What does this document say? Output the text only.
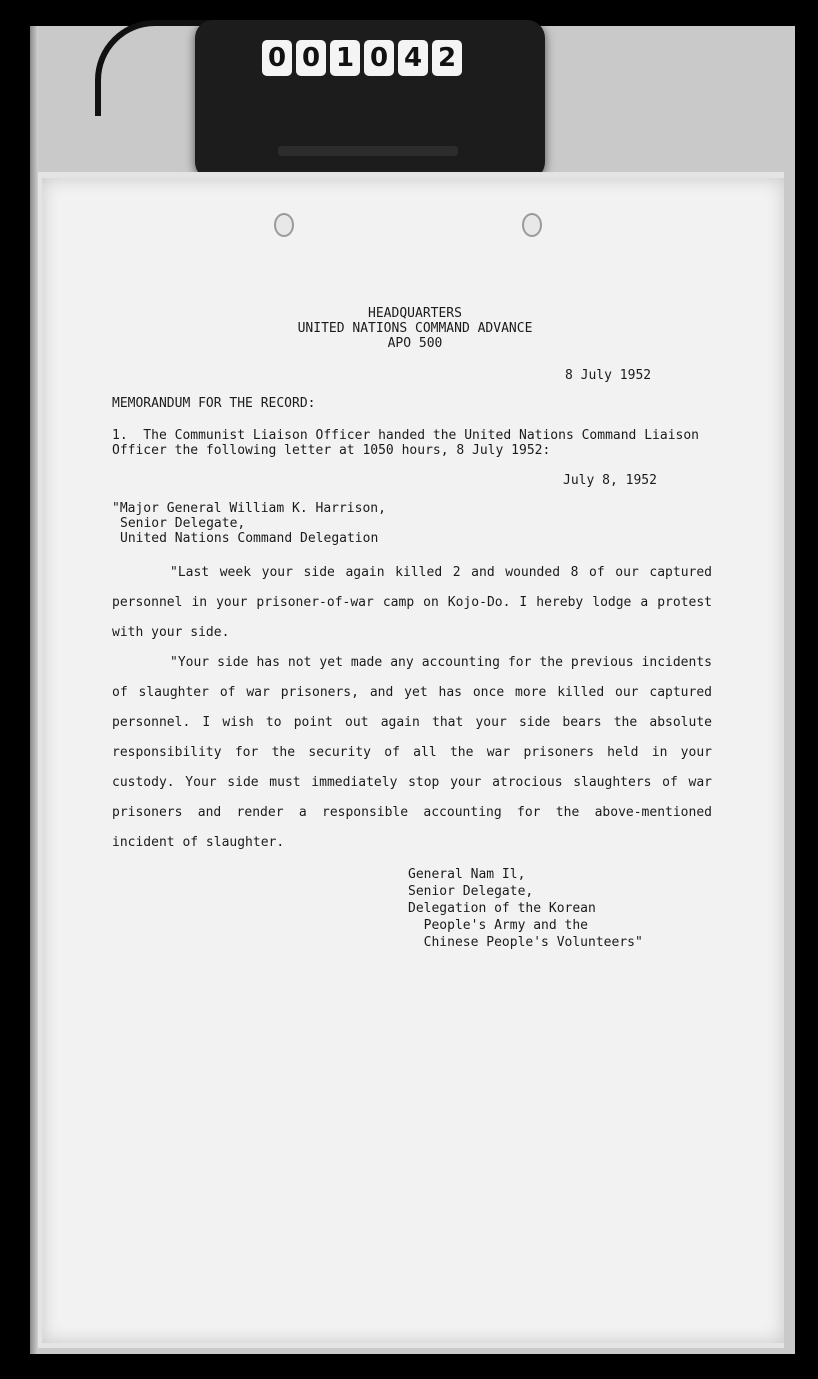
0 0 1 0 4 2
HEADQUARTERS
UNITED NATIONS COMMAND ADVANCE
APO 500
8 July 1952
MEMORANDUM FOR THE RECORD:
1.  The Communist Liaison Officer handed the United Nations Command Liaison
Officer the following letter at 1050 hours, 8 July 1952:
July 8, 1952
"Major General William K. Harrison,
Senior Delegate,
United Nations Command Delegation
"Last week your side again killed 2 and wounded 8 of our captured personnel in your prisoner-of-war camp on Kojo-Do. I hereby lodge a protest with your side.
"Your side has not yet made any accounting for the previous incidents of slaughter of war prisoners, and yet has once more killed our captured personnel. I wish to point out again that your side bears the absolute responsibility for the security of all the war prisoners held in your custody. Your side must immediately stop your atrocious slaughters of war prisoners and render a responsible accounting for the above-mentioned incident of slaughter.
General Nam Il,
Senior Delegate,
Delegation of the Korean
People's Army and the
Chinese People's Volunteers"
